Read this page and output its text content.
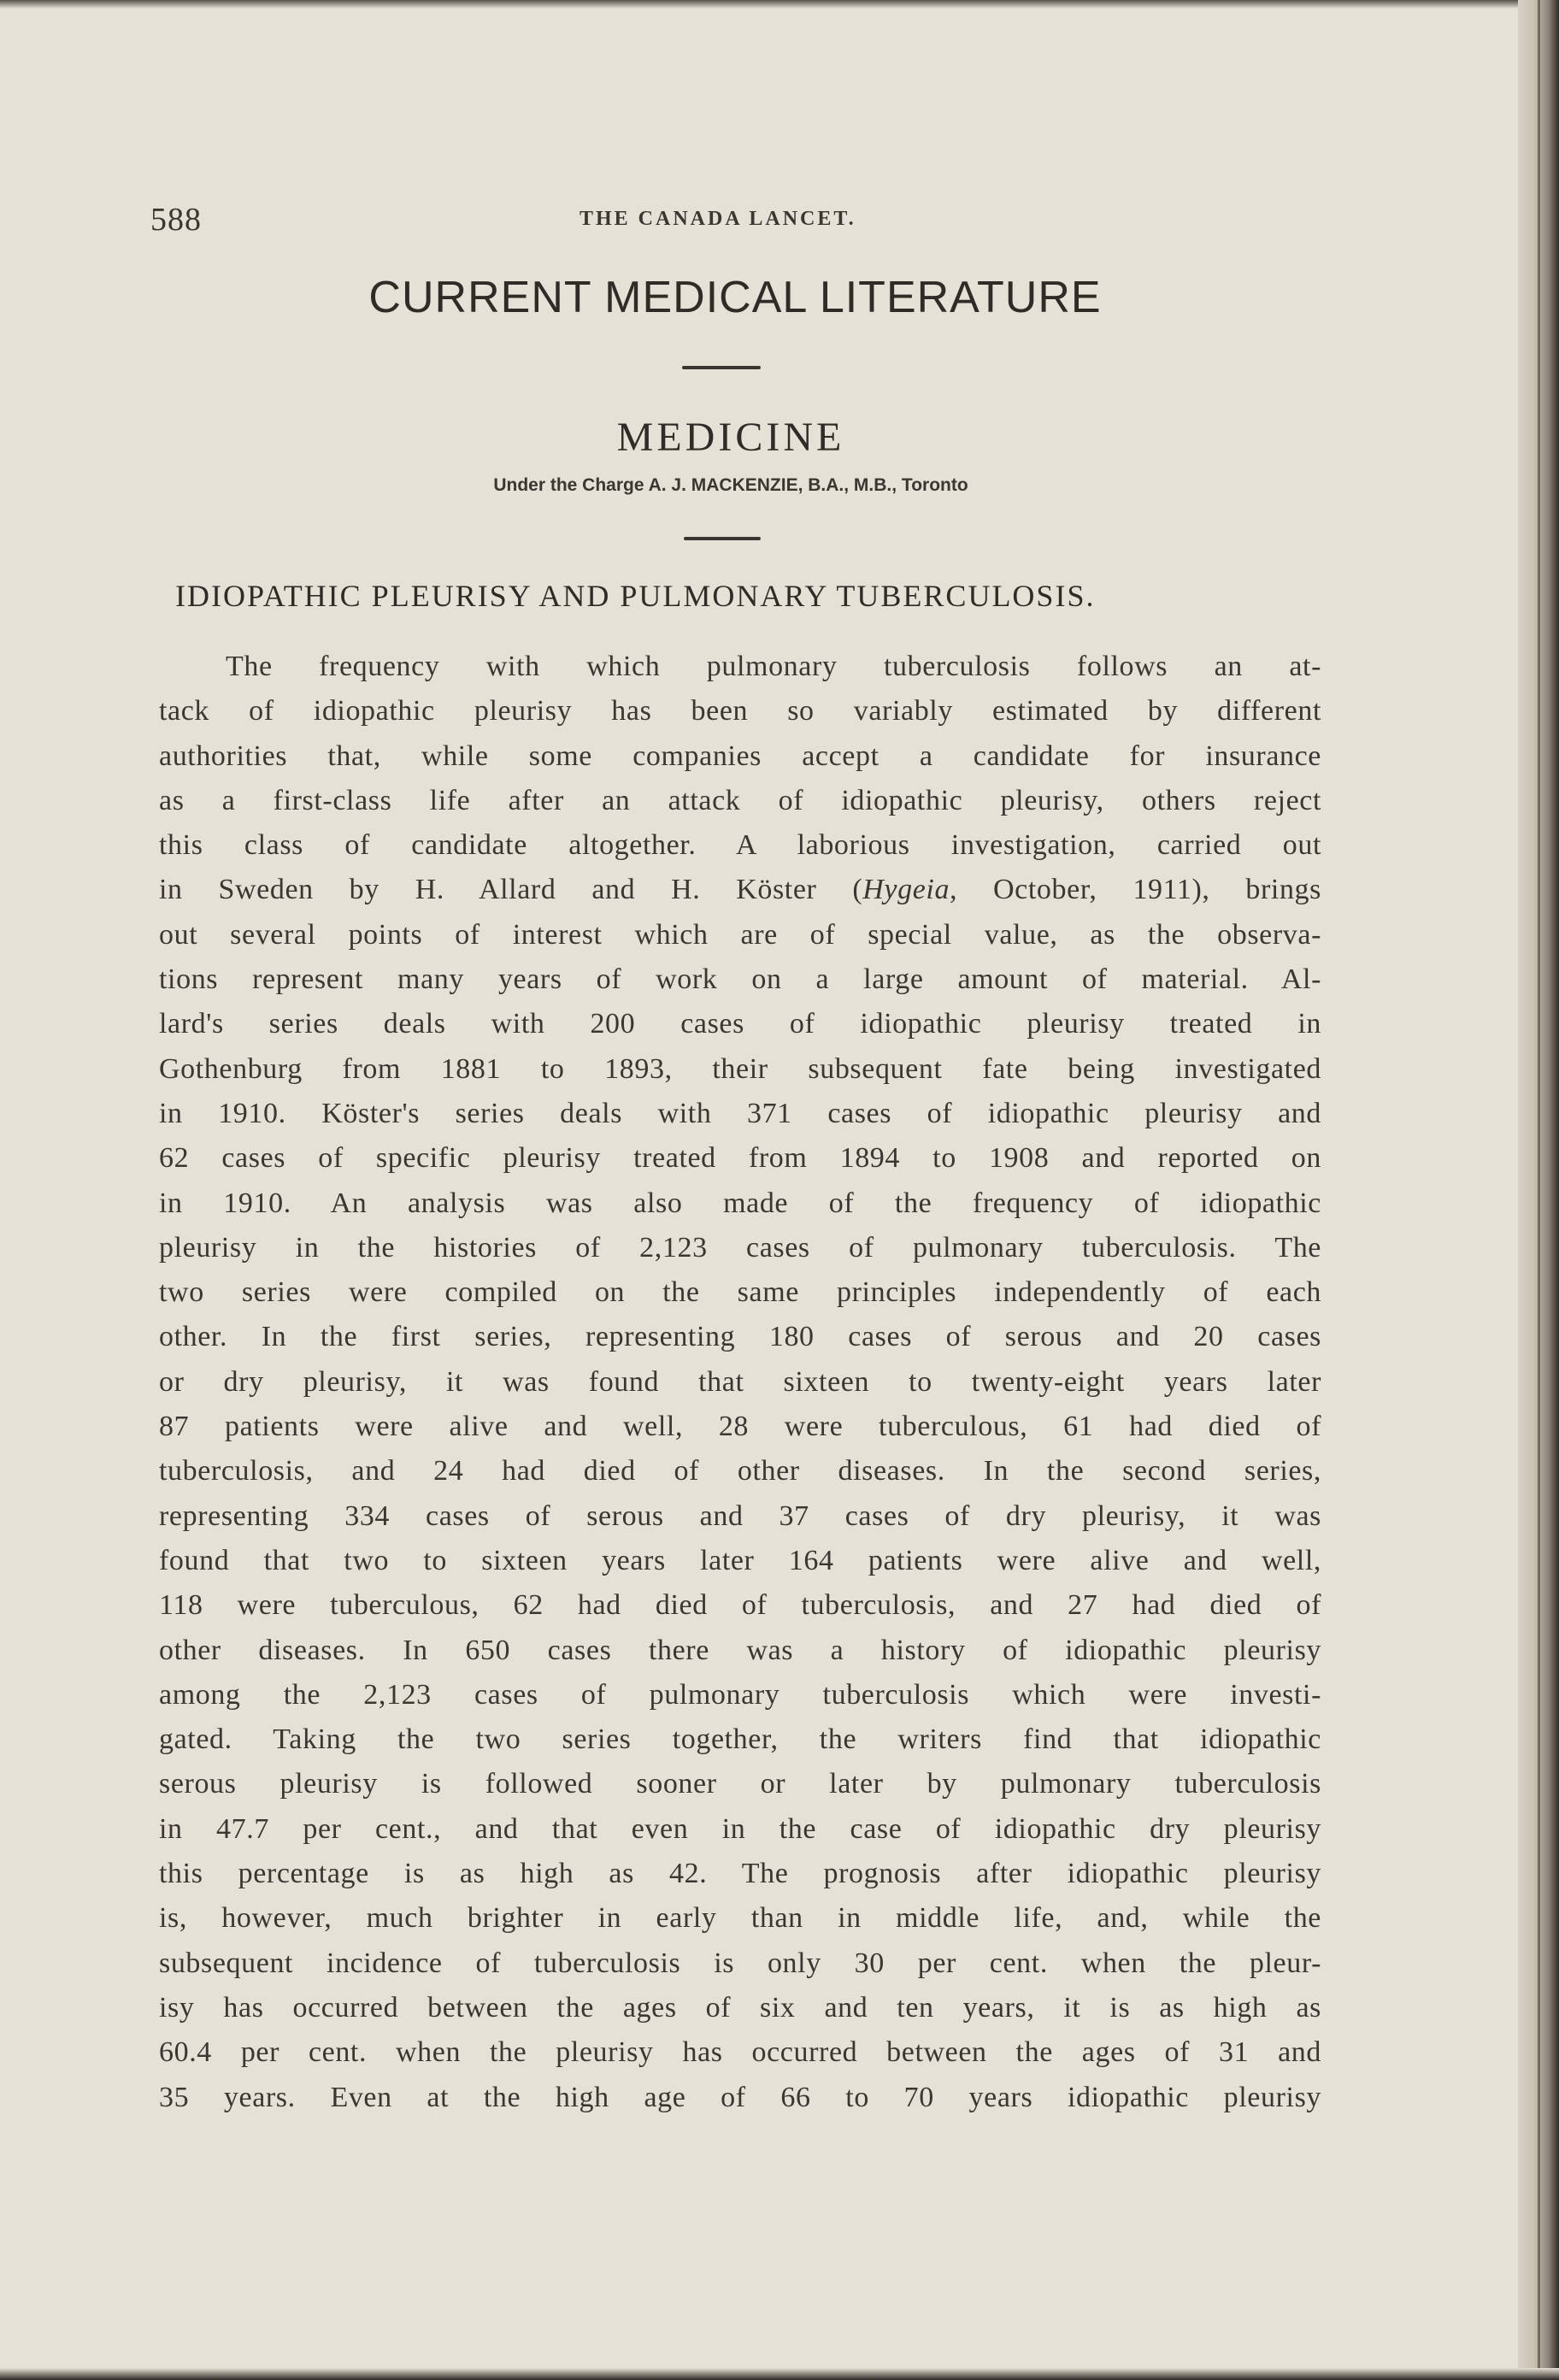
588	THE CANADA LANCET.
CURRENT MEDICAL LITERATURE
MEDICINE
Under the Charge A. J. MACKENZIE, B.A., M.B., Toronto
IDIOPATHIC PLEURISY AND PULMONARY TUBERCULOSIS.
The frequency with which pulmonary tuberculosis follows an at-
tack of idiopathic pleurisy has been so variably estimated by different
authorities that, while some companies accept a candidate for insurance
as a first-class life after an attack of idiopathic pleurisy, others reject
this class of candidate altogether. A laborious investigation, carried out
in Sweden by H. Allard and H. Köster (Hygeia, October, 1911), brings
out several points of interest which are of special value, as the observa-
tions represent many years of work on a large amount of material. Al-
lard's series deals with 200 cases of idiopathic pleurisy treated in
Gothenburg from 1881 to 1893, their subsequent fate being investigated
in 1910. Köster's series deals with 371 cases of idiopathic pleurisy and
62 cases of specific pleurisy treated from 1894 to 1908 and reported on
in 1910. An analysis was also made of the frequency of idiopathic
pleurisy in the histories of 2,123 cases of pulmonary tuberculosis. The
two series were compiled on the same principles independently of each
other. In the first series, representing 180 cases of serous and 20 cases
or dry pleurisy, it was found that sixteen to twenty-eight years later
87 patients were alive and well, 28 were tuberculous, 61 had died of
tuberculosis, and 24 had died of other diseases. In the second series,
representing 334 cases of serous and 37 cases of dry pleurisy, it was
found that two to sixteen years later 164 patients were alive and well,
118 were tuberculous, 62 had died of tuberculosis, and 27 had died of
other diseases. In 650 cases there was a history of idiopathic pleurisy
among the 2,123 cases of pulmonary tuberculosis which were investi-
gated. Taking the two series together, the writers find that idiopathic
serous pleurisy is followed sooner or later by pulmonary tuberculosis
in 47.7 per cent., and that even in the case of idiopathic dry pleurisy
this percentage is as high as 42. The prognosis after idiopathic pleurisy
is, however, much brighter in early than in middle life, and, while the
subsequent incidence of tuberculosis is only 30 per cent. when the pleur-
isy has occurred between the ages of six and ten years, it is as high as
60.4 per cent. when the pleurisy has occurred between the ages of 31 and
35 years. Even at the high age of 66 to 70 years idiopathic pleurisy
